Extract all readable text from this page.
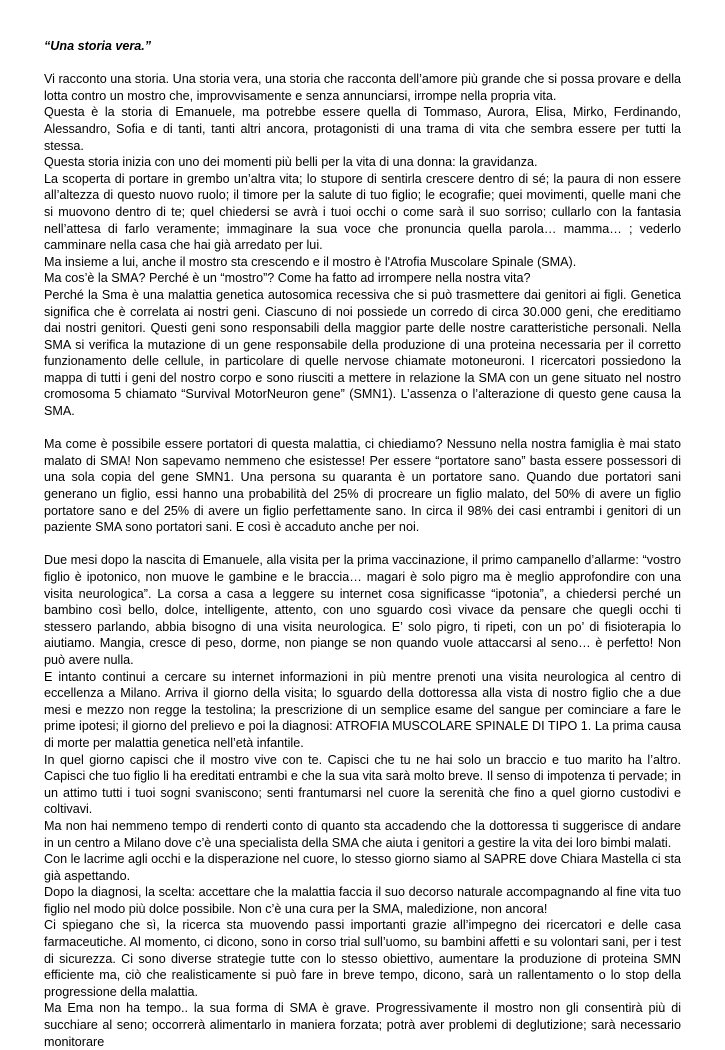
“Una storia vera.”

Vi racconto una storia. Una storia vera, una storia che racconta dell’amore più grande che si possa provare e della lotta contro un mostro che, improvvisamente e senza annunciarsi, irrompe nella propria vita.

Questa è la storia di Emanuele, ma potrebbe essere quella di Tommaso, Aurora, Elisa, Mirko, Ferdinando, Alessandro, Sofia e di tanti, tanti altri ancora, protagonisti di una trama di vita che sembra essere per tutti la stessa.

Questa storia inizia con uno dei momenti più belli per la vita di una donna: la gravidanza.

La scoperta di portare in grembo un’altra vita; lo stupore di sentirla crescere dentro di sé; la paura di non essere all’altezza di questo nuovo ruolo; il timore per la salute di tuo figlio; le ecografie; quei movimenti, quelle mani che si muovono dentro di te; quel chiedersi se avrà i tuoi occhi o come sarà il suo sorriso; cullarlo con la fantasia nell’attesa di farlo veramente; immaginare la sua voce che pronuncia quella parola… mamma… ; vederlo camminare nella casa che hai già arredato per lui.

Ma insieme a lui, anche il mostro sta crescendo e il mostro è l'Atrofia Muscolare Spinale (SMA).

Ma cos’è la SMA? Perché è un “mostro”? Come ha fatto ad irrompere nella nostra vita?

Perché la Sma è una malattia genetica autosomica recessiva che si può trasmettere dai genitori ai figli. Genetica significa che è correlata ai nostri geni. Ciascuno di noi possiede un corredo di circa 30.000 geni, che ereditiamo dai nostri genitori. Questi geni sono responsabili della maggior parte delle nostre caratteristiche personali. Nella SMA si verifica la mutazione di un gene responsabile della produzione di una proteina necessaria per il corretto funzionamento delle cellule, in particolare di quelle nervose chiamate motoneuroni. I ricercatori possiedono la mappa di tutti i geni del nostro corpo e sono riusciti a mettere in relazione la SMA con un gene situato nel nostro cromosoma 5 chiamato “Survival MotorNeuron gene” (SMN1). L’assenza o l’alterazione di questo gene causa la SMA.

Ma come è possibile essere portatori di questa malattia, ci chiediamo? Nessuno nella nostra famiglia è mai stato malato di SMA! Non sapevamo nemmeno che esistesse! Per essere “portatore sano” basta essere possessori di una sola copia del gene SMN1. Una persona su quaranta è un portatore sano. Quando due portatori sani generano un figlio, essi hanno una probabilità del 25% di procreare un figlio malato, del 50% di avere un figlio portatore sano e del 25% di avere un figlio perfettamente sano. In circa il 98% dei casi entrambi i genitori di un paziente SMA sono portatori sani. E così è accaduto anche per noi.

Due mesi dopo la nascita di Emanuele, alla visita per la prima vaccinazione, il primo campanello d’allarme: “vostro figlio è ipotonico, non muove le gambine e le braccia… magari è solo pigro ma è meglio approfondire con una visita neurologica”. La corsa a casa a leggere su internet cosa significasse “ipotonia”, a chiedersi perché un bambino così bello, dolce, intelligente, attento, con uno sguardo così vivace da pensare che quegli occhi ti stessero parlando, abbia bisogno di una visita neurologica. E’ solo pigro, ti ripeti, con un po’ di fisioterapia lo aiutiamo. Mangia, cresce di peso, dorme, non piange se non quando vuole attaccarsi al seno… è perfetto! Non può avere nulla.

E intanto continui a cercare su internet informazioni in più mentre prenoti una visita neurologica al centro di eccellenza a Milano. Arriva il giorno della visita; lo sguardo della dottoressa alla vista di nostro figlio che a due mesi e mezzo non regge la testolina; la prescrizione di un semplice esame del sangue per cominciare a fare le prime ipotesi; il giorno del prelievo e poi la diagnosi: ATROFIA MUSCOLARE SPINALE DI TIPO 1. La prima causa di morte per malattia genetica nell’età infantile.

In quel giorno capisci che il mostro vive con te. Capisci che tu ne hai solo un braccio e tuo marito ha l’altro. Capisci che tuo figlio li ha ereditati entrambi e che la sua vita sarà molto breve. Il senso di impotenza ti pervade; in un attimo tutti i tuoi sogni svaniscono; senti frantumarsi nel cuore la serenità che fino a quel giorno custodivi e coltivavi.

Ma non hai nemmeno tempo di renderti conto di quanto sta accadendo che la dottoressa ti suggerisce di andare in un centro a Milano dove c’è una specialista della SMA che aiuta i genitori a gestire la vita dei loro bimbi malati.

Con le lacrime agli occhi e la disperazione nel cuore, lo stesso giorno siamo al SAPRE dove Chiara Mastella ci sta già aspettando.

Dopo la diagnosi, la scelta: accettare che la malattia faccia il suo decorso naturale accompagnando al fine vita tuo figlio nel modo più dolce possibile. Non c’è una cura per la SMA, maledizione, non ancora!

Ci spiegano che sì, la ricerca sta muovendo passi importanti grazie all’impegno dei ricercatori e delle casa farmaceutiche. Al momento, ci dicono, sono in corso trial sull’uomo, su bambini affetti e su volontari sani, per i test di sicurezza. Ci sono diverse strategie tutte con lo stesso obiettivo, aumentare la produzione di proteina SMN efficiente ma, ciò che realisticamente si può fare in breve tempo, dicono, sarà un rallentamento o lo stop della progressione della malattia.

Ma Ema non ha tempo.. la sua forma di SMA è grave. Progressivamente il mostro non gli consentirà più di succhiare al seno; occorrerà alimentarlo in maniera forzata; potrà aver problemi di deglutizione; sarà necessario monitorare
